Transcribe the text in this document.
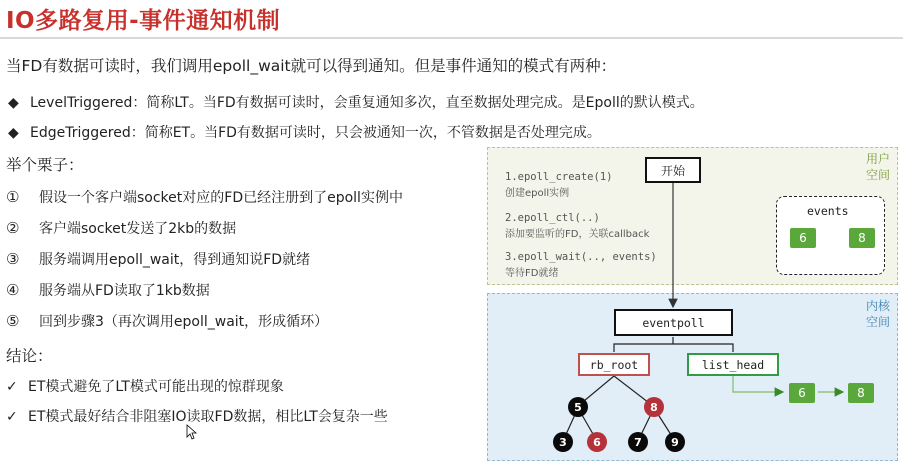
IO多路复用-事件通知机制
当FD有数据可读时，我们调用epoll_wait就可以得到通知。但是事件通知的模式有两种：
◆ LevelTriggered：简称LT。当FD有数据可读时，会重复通知多次，直至数据处理完成。是Epoll的默认模式。
◆ EdgeTriggered：简称ET。当FD有数据可读时，只会被通知一次，不管数据是否处理完成。
举个栗子：
① 假设一个客户端socket对应的FD已经注册到了epoll实例中
② 客户端socket发送了2kb的数据
③ 服务端调用epoll_wait，得到通知说FD就绪
④ 服务端从FD读取了1kb数据
⑤ 回到步骤3（再次调用epoll_wait，形成循环）
结论：
✓ ET模式避免了LT模式可能出现的惊群现象
✓ ET模式最好结合非阻塞IO读取FD数据，相比LT会复杂一些
用户空间
内核空间
1.epoll_create(1)
创建epoll实例
2.epoll_ctl(..)
添加要监听的FD，关联callback
3.epoll_wait(.., events)
等待FD就绪
开始
events
6	8
eventpoll
rb_root	list_head
6	8
5	8
3	6	7	9
